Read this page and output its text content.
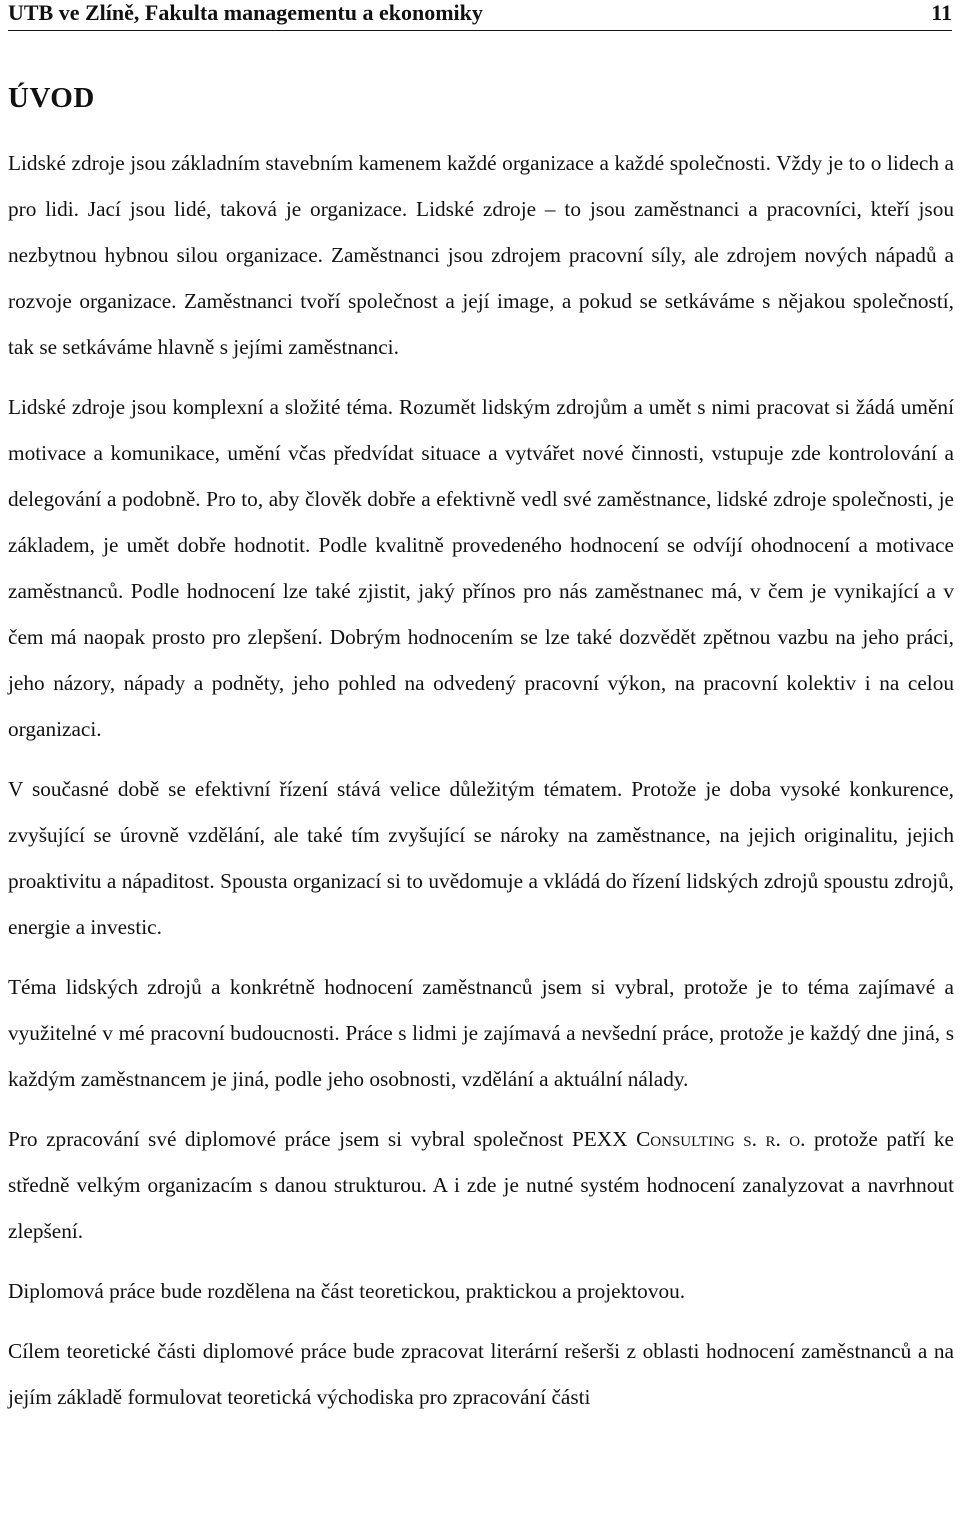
UTB ve Zlíně, Fakulta managementu a ekonomiky	11
ÚVOD

Lidské zdroje jsou základním stavebním kamenem každé organizace a každé společnosti. Vždy je to o lidech a pro lidi. Jací jsou lidé, taková je organizace. Lidské zdroje – to jsou zaměstnanci a pracovníci, kteří jsou nezbytnou hybnou silou organizace. Zaměstnanci jsou zdrojem pracovní síly, ale zdrojem nových nápadů a rozvoje organizace. Zaměstnanci tvoří společnost a její image, a pokud se setkáváme s nějakou společností, tak se setkáváme hlavně s jejími zaměstnanci.

Lidské zdroje jsou komplexní a složité téma. Rozumět lidským zdrojům a umět s nimi pracovat si žádá umění motivace a komunikace, umění včas předvídat situace a vytvářet nové činnosti, vstupuje zde kontrolování a delegování a podobně. Pro to, aby člověk dobře a efektivně vedl své zaměstnance, lidské zdroje společnosti, je základem, je umět dobře hodnotit. Podle kvalitně provedeného hodnocení se odvíjí ohodnocení a motivace zaměstnanců. Podle hodnocení lze také zjistit, jaký přínos pro nás zaměstnanec má, v čem je vynikající a v čem má naopak prosto pro zlepšení. Dobrým hodnocením se lze také dozvědět zpětnou vazbu na jeho práci, jeho názory, nápady a podněty, jeho pohled na odvedený pracovní výkon, na pracovní kolektiv i na celou organizaci.

V současné době se efektivní řízení stává velice důležitým tématem. Protože je doba vysoké konkurence, zvyšující se úrovně vzdělání, ale také tím zvyšující se nároky na zaměstnance, na jejich originalitu, jejich proaktivitu a nápaditost. Spousta organizací si to uvědomuje a vkládá do řízení lidských zdrojů spoustu zdrojů, energie a investic.

Téma lidských zdrojů a konkrétně hodnocení zaměstnanců jsem si vybral, protože je to téma zajímavé a využitelné v mé pracovní budoucnosti. Práce s lidmi je zajímavá a nevšední práce, protože je každý dne jiná, s každým zaměstnancem je jiná, podle jeho osobnosti, vzdělání a aktuální nálady.

Pro zpracování své diplomové práce jsem si vybral společnost PEXX Consulting s. r. o. protože patří ke středně velkým organizacím s danou strukturou. A i zde je nutné systém hodnocení zanalyzovat a navrhnout zlepšení.

Diplomová práce bude rozdělena na část teoretickou, praktickou a projektovou.

Cílem teoretické části diplomové práce bude zpracovat literární rešerši z oblasti hodnocení zaměstnanců a na jejím základě formulovat teoretická východiska pro zpracování části
